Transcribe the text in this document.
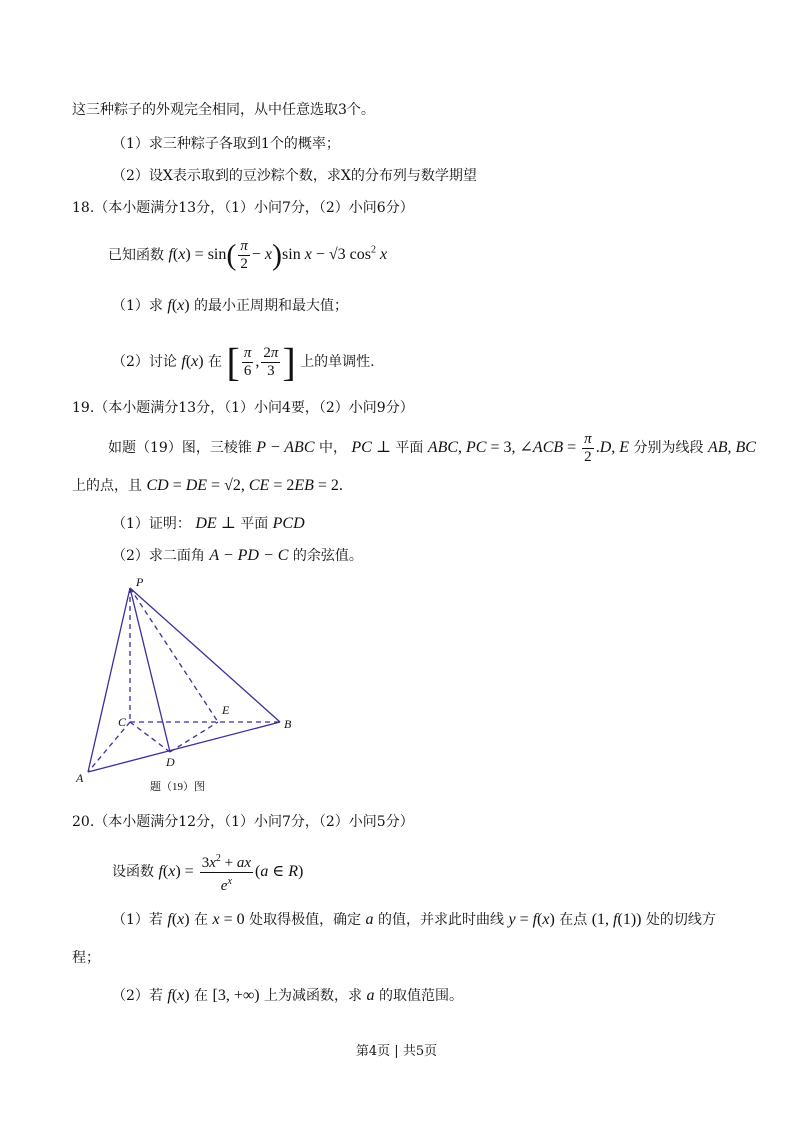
这三种粽子的外观完全相同，从中任意选取3个。
（1）求三种粽子各取到1个的概率；
（2）设X表示取到的豆沙粽个数，求X的分布列与数学期望
18.（本小题满分13分，（1）小问7分，（2）小问6分）
已知函数 $f(x) = \sin( \frac{\pi}{2} - x)\sin$ x − √3 $\cos^2 x$
（1）求 f(x) 的最小正周期和最大值；
（2）讨论 f(x) 在 [ $\frac{\pi}{6}$ , $\frac{2\pi}{3}$ ] 上的单调性.
19.（本小题满分13分，（1）小问4要，（2）小问9分）
如题（19）图，三棱锥 P − ABC 中， PC ⊥ 平面 ABC, PC = 3, ∠ACB = $\frac{\pi}{2} .D$, E 分别为线段 AB, BC
上的点，且 CD = DE = √2, CE = 2EB = 2.
（1）证明： DE ⊥ 平面 PCD
（2）求二面角 A − PD − C 的余弦值。
P
A
B
C
D
E
题（19）图
20.（本小题满分12分，（1）小问7分，（2）小问5分）
设函数 $f(x) = \frac{3x^2 + ax}{e^x} (a$ ∈ R)
（1）若 f(x) 在 x = 0 处取得极值，确定 a 的值，并求此时曲线 y = f(x) 在点 (1, f(1)) 处的切线方
程；
（2）若 f(x) 在 [3, +∞) 上为减函数，求 a 的取值范围。
第4页 | 共5页
